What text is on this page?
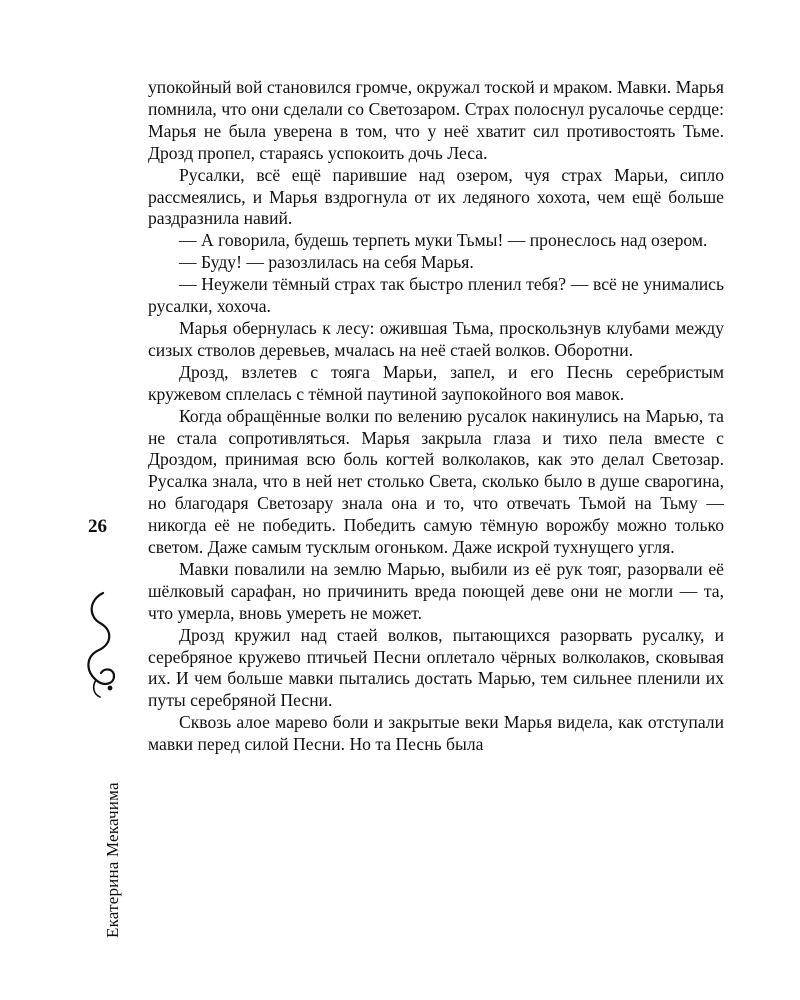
упокойный вой становился громче, окружал тоской и мраком. Мавки. Марья помнила, что они сделали со Светозаром. Страх полоснул русалочье сердце: Марья не была уверена в том, что у неё хватит сил противостоять Тьме. Дрозд пропел, стараясь успокоить дочь Леса.

Русалки, всё ещё парившие над озером, чуя страх Марьи, сипло рассмеялись, и Марья вздрогнула от их ледяного хохота, чем ещё больше раздразнила навий.

— А говорила, будешь терпеть муки Тьмы! — пронеслось над озером.

— Буду! — разозлилась на себя Марья.

— Неужели тёмный страх так быстро пленил тебя? — всё не унимались русалки, хохоча.

Марья обернулась к лесу: ожившая Тьма, проскользнув клубами между сизых стволов деревьев, мчалась на неё стаей волков. Оборотни.

Дрозд, взлетев с тояга Марьи, запел, и его Песнь серебристым кружевом сплелась с тёмной паутиной заупокойного воя мавок.

Когда обращённые волки по велению русалок накинулись на Марью, та не стала сопротивляться. Марья закрыла глаза и тихо пела вместе с Дроздом, принимая всю боль когтей волколаков, как это делал Светозар. Русалка знала, что в ней нет столько Света, сколько было в душе сварогина, но благодаря Светозару знала она и то, что отвечать Тьмой на Тьму — никогда её не победить. Победить самую тёмную ворожбу можно только светом. Даже самым тусклым огоньком. Даже искрой тухнущего угля.

Мавки повалили на землю Марью, выбили из её рук тояг, разорвали её шёлковый сарафан, но причинить вреда поющей деве они не могли — та, что умерла, вновь умереть не может.

Дрозд кружил над стаей волков, пытающихся разорвать русалку, и серебряное кружево птичьей Песни оплетало чёрных волколаков, сковывая их. И чем больше мавки пытались достать Марью, тем сильнее пленили их путы серебряной Песни.

Сквозь алое марево боли и закрытые веки Марья видела, как отступали мавки перед силой Песни. Но та Песнь была

26
Екатерина Мекачима
